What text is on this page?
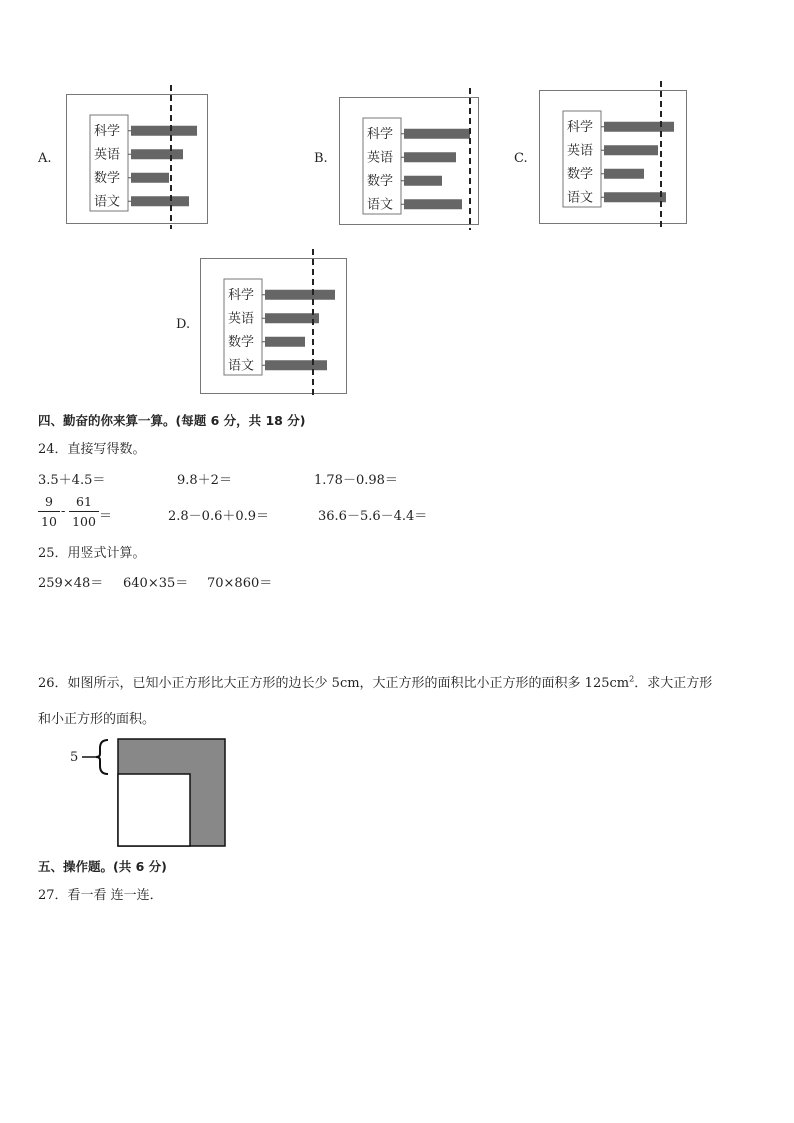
A.
科学
英语
数学
语文
B.
科学
英语
数学
语文
C.
科学
英语
数学
语文
D.
科学
英语
数学
语文
四、勤奋的你来算一算。(每题 6 分，共 18 分)
24．直接写得数。
3.5＋4.5＝	9.8＋2＝	1.78－0.98＝
9
10
-
61
100 ＝	2.8－0.6＋0.9＝	36.6－5.6－4.4＝
25．用竖式计算。
259×48＝ 640×35＝ 70×860＝
26．如图所示，已知小正方形比大正方形的边长少 5cm，大正方形的面积比小正方形的面积多 $125cm^2$．求大正方形
和小正方形的面积。
5
五、操作题。(共 6 分)
27．看一看 连一连．
